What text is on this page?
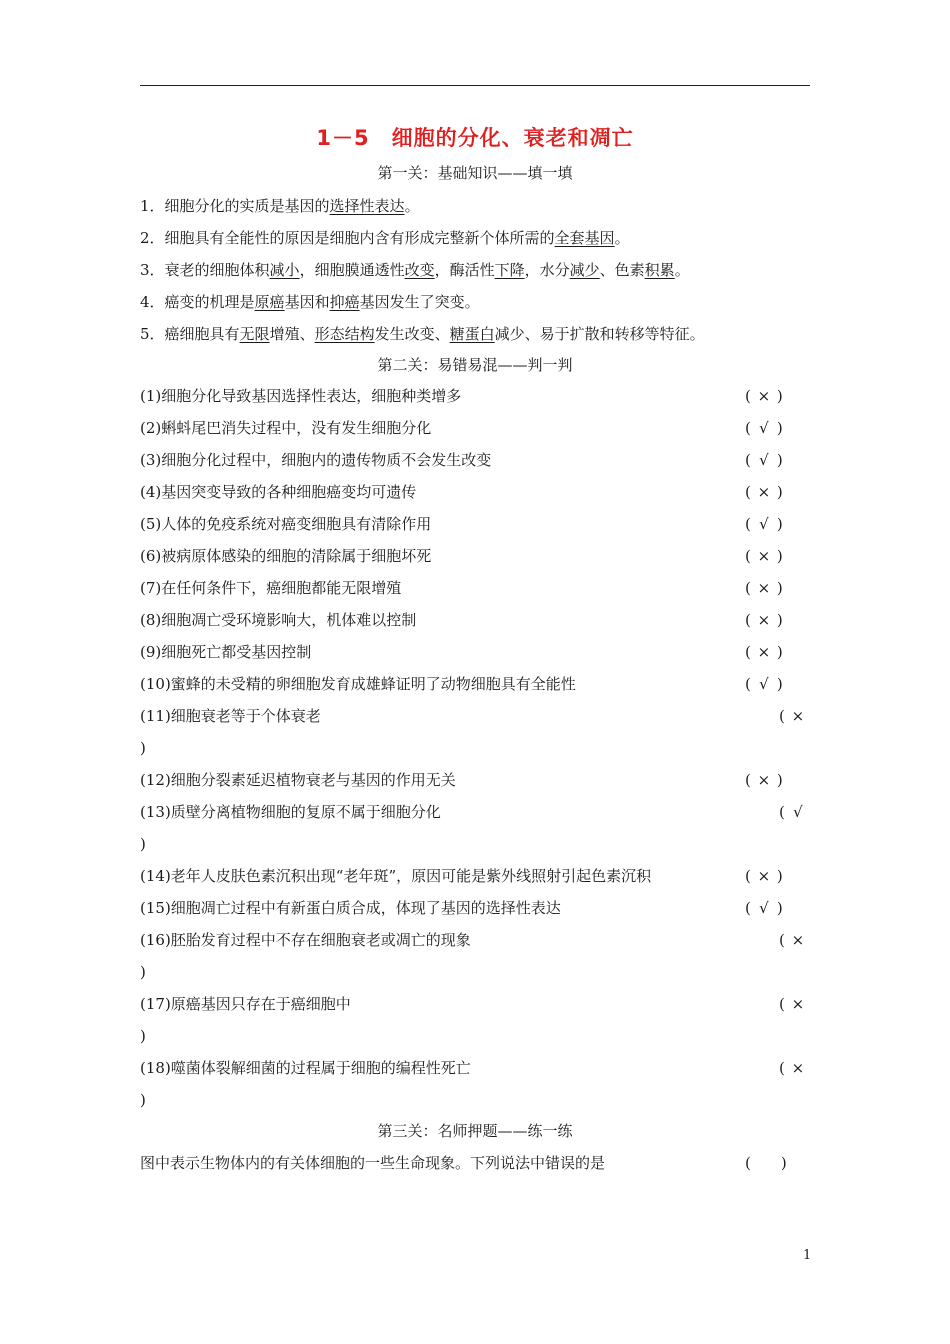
1－5 细胞的分化、衰老和凋亡
第一关：基础知识——填一填
1．细胞分化的实质是基因的选择性表达。
2．细胞具有全能性的原因是细胞内含有形成完整新个体所需的全套基因。
3．衰老的细胞体积减小，细胞膜通透性改变，酶活性下降，水分减少、色素积累。
4．癌变的机理是原癌基因和抑癌基因发生了突变。
5．癌细胞具有无限增殖、形态结构发生改变、糖蛋白减少、易于扩散和转移等特征。
第二关：易错易混——判一判
(1)细胞分化导致基因选择性表达，细胞种类增多	( × )
(2)蝌蚪尾巴消失过程中，没有发生细胞分化	( √ )
(3)细胞分化过程中，细胞内的遗传物质不会发生改变	( √ )
(4)基因突变导致的各种细胞癌变均可遗传	( × )
(5)人体的免疫系统对癌变细胞具有清除作用	( √ )
(6)被病原体感染的细胞的清除属于细胞坏死	( × )
(7)在任何条件下，癌细胞都能无限增殖	( × )
(8)细胞凋亡受环境影响大，机体难以控制	( × )
(9)细胞死亡都受基因控制	( × )
(10)蜜蜂的未受精的卵细胞发育成雄蜂证明了动物细胞具有全能性	( √ )
(11)细胞衰老等于个体衰老	( ×
)
(12)细胞分裂素延迟植物衰老与基因的作用无关	( × )
(13)质壁分离植物细胞的复原不属于细胞分化	( √
)
(14)老年人皮肤色素沉积出现“老年斑”，原因可能是紫外线照射引起色素沉积	( × )
(15)细胞凋亡过程中有新蛋白质合成，体现了基因的选择性表达	( √ )
(16)胚胎发育过程中不存在细胞衰老或凋亡的现象	( ×
)
(17)原癌基因只存在于癌细胞中	( ×
)
(18)噬菌体裂解细菌的过程属于细胞的编程性死亡	( ×
)
第三关：名师押题——练一练
图中表示生物体内的有关体细胞的一些生命现象。下列说法中错误的是	(　　)
1
